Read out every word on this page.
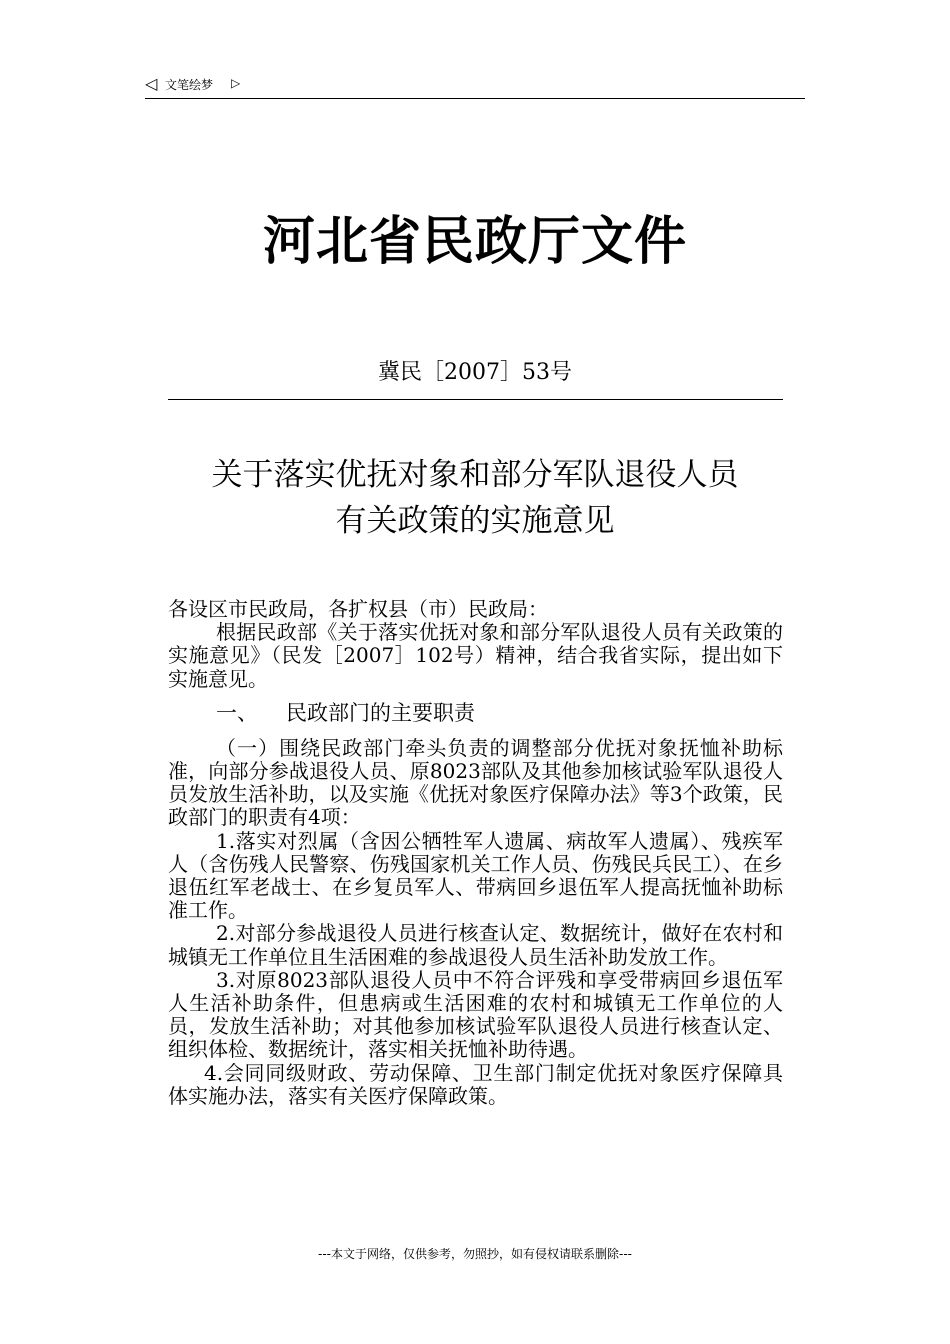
◁ 文笔绘梦 ▷
河北省民政厅文件
冀民［2007］53号
关于落实优抚对象和部分军队退役人员
有关政策的实施意见

各设区市民政局，各扩权县（市）民政局：

根据民政部《关于落实优抚对象和部分军队退役人员有关政策的实施意见》（民发［2007］102号）精神，结合我省实际，提出如下实施意见。

一、 民政部门的主要职责

（一）围绕民政部门牵头负责的调整部分优抚对象抚恤补助标准，向部分参战退役人员、原8023部队及其他参加核试验军队退役人员发放生活补助，以及实施《优抚对象医疗保障办法》等3个政策，民政部门的职责有4项：

1.落实对烈属（含因公牺牲军人遗属、病故军人遗属）、残疾军人（含伤残人民警察、伤残国家机关工作人员、伤残民兵民工）、在乡退伍红军老战士、在乡复员军人、带病回乡退伍军人提高抚恤补助标准工作。

2.对部分参战退役人员进行核查认定、数据统计，做好在农村和城镇无工作单位且生活困难的参战退役人员生活补助发放工作。

3.对原8023部队退役人员中不符合评残和享受带病回乡退伍军人生活补助条件，但患病或生活困难的农村和城镇无工作单位的人员，发放生活补助；对其他参加核试验军队退役人员进行核查认定、组织体检、数据统计，落实相关抚恤补助待遇。

4.会同同级财政、劳动保障、卫生部门制定优抚对象医疗保障具体实施办法，落实有关医疗保障政策。

---本文于网络，仅供参考，勿照抄，如有侵权请联系删除---
